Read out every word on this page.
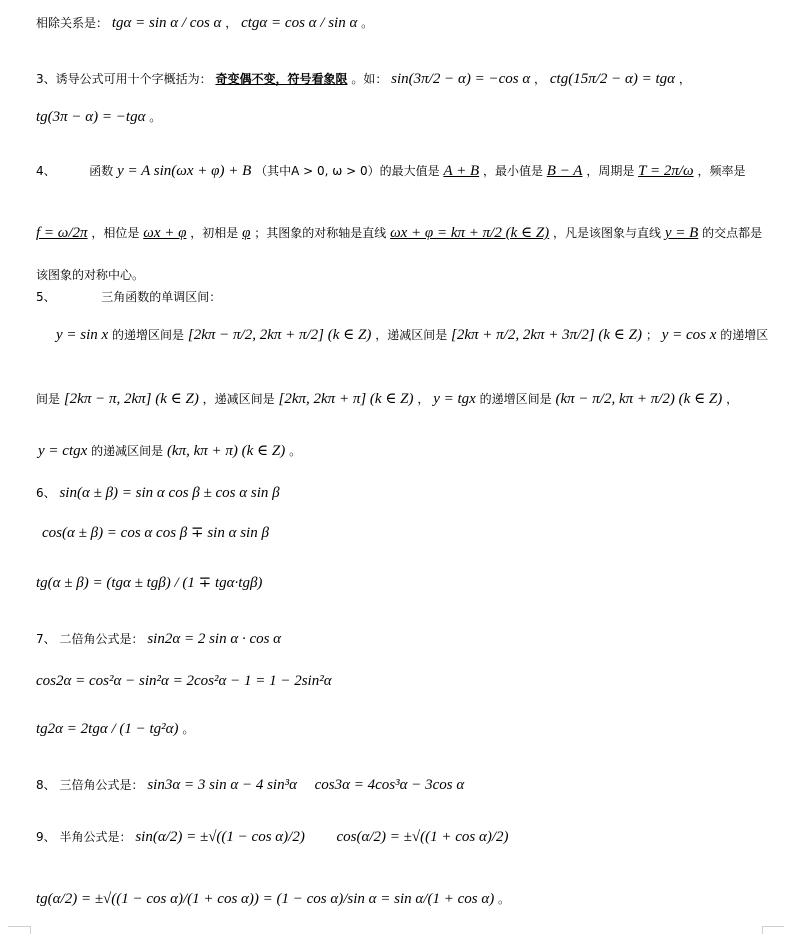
相除关系是： tgα = sin α / cos α ， ctgα = cos α / sin α 。
3、诱导公式可用十个字概括为： 奇变偶不变，符号看象限 。如： sin(3π/2 − α) = −cos α ， ctg(15π/2 − α) = tgα ，
tg(3π − α) = −tgα 。
4、	函数 y = A sin(ωx + φ) + B （其中A > 0, ω > 0）的最大值是 A + B ，最小值是 B − A ，周期是 T = 2π/ω ，频率是
f = ω/2π ，相位是 ωx + φ ，初相是 φ ；其图象的对称轴是直线 ωx + φ = kπ + π/2 (k ∈ Z) ，凡是该图象与直线 y = B 的交点都是
该图象的对称中心。
5、	三角函数的单调区间：
y = sin x 的递增区间是 [2kπ − π/2, 2kπ + π/2] (k ∈ Z) ，递减区间是 [2kπ + π/2, 2kπ + 3π/2] (k ∈ Z) ； y = cos x 的递增区
间是 [2kπ − π, 2kπ] (k ∈ Z) ，递减区间是 [2kπ, 2kπ + π] (k ∈ Z) ， y = tgx 的递增区间是 (kπ − π/2, kπ + π/2) (k ∈ Z) ，
y = ctgx 的递减区间是 (kπ, kπ + π) (k ∈ Z) 。
6、 sin(α ± β) = sin α cos β ± cos α sin β
cos(α ± β) = cos α cos β ∓ sin α sin β
tg(α ± β) = (tgα ± tgβ) / (1 ∓ tgα·tgβ)
7、 二倍角公式是： sin2α = 2 sin α · cos α
cos2α = cos²α − sin²α = 2cos²α − 1 = 1 − 2sin²α
tg2α = 2tgα / (1 − tg²α) 。
8、 三倍角公式是： sin3α = 3 sin α − 4 sin³α cos3α = 4cos³α − 3cos α
9、 半角公式是： sin(α/2) = ±√((1 − cos α)/2) cos(α/2) = ±√((1 + cos α)/2)
tg(α/2) = ±√((1 − cos α)/(1 + cos α)) = (1 − cos α)/sin α = sin α/(1 + cos α) 。
